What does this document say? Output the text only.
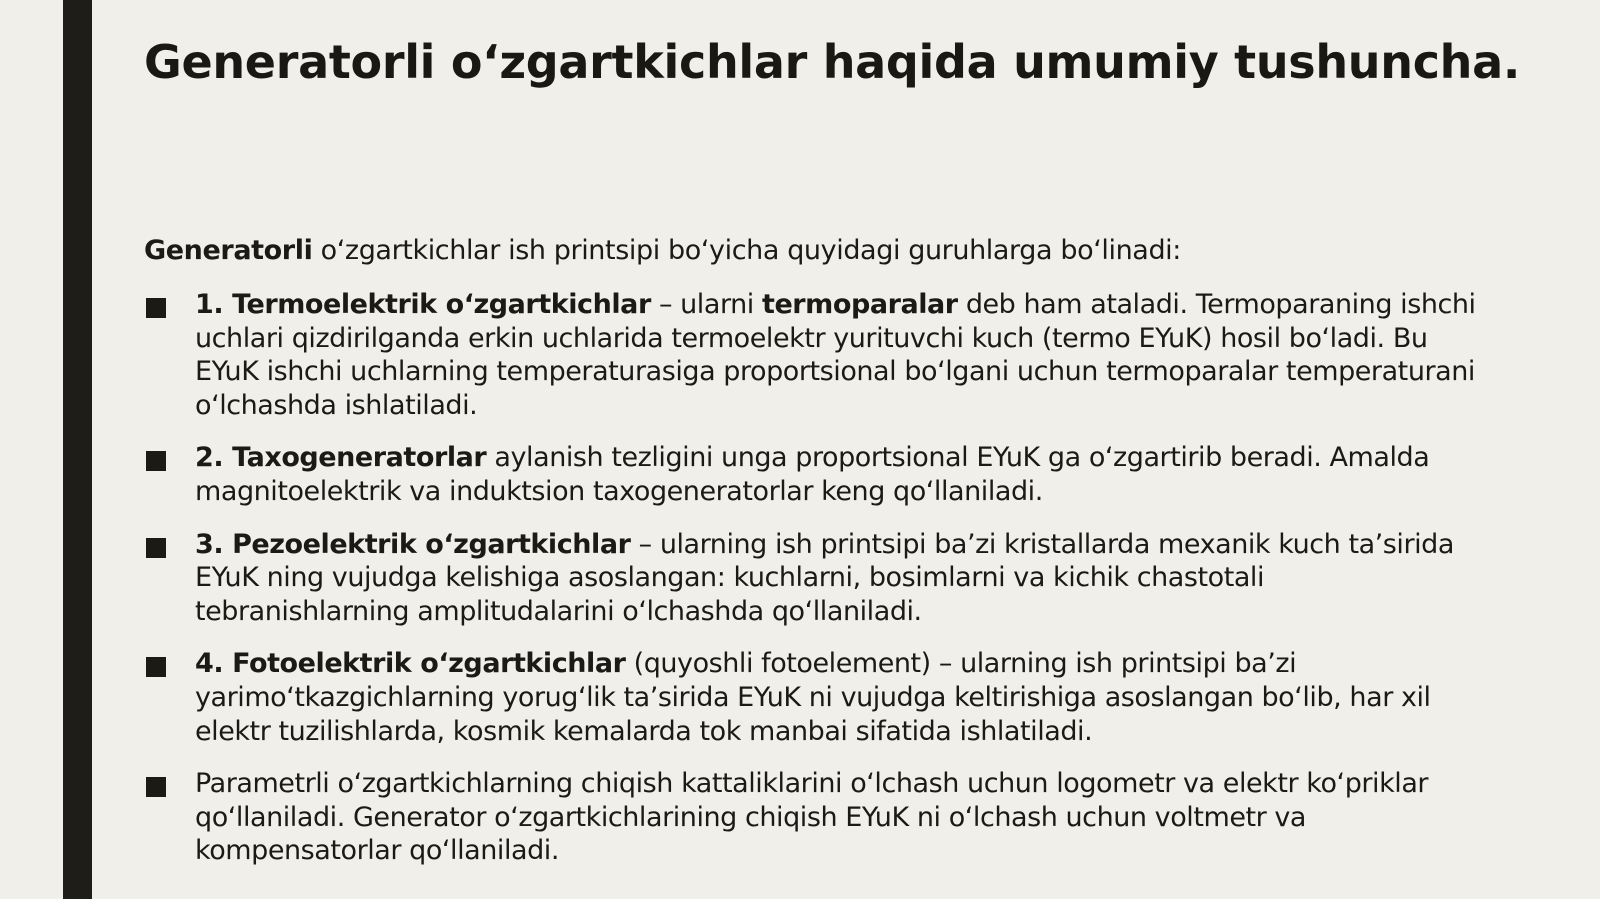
Generatorli o‘zgartkichlar haqida umumiy tushuncha.

Generatorli o‘zgartkichlar ish printsipi bo‘yicha quyidagi guruhlarga bo‘linadi:

1. Termoelektrik o‘zgartkichlar – ularni termoparalar deb ham ataladi. Termoparaning ishchi uchlari qizdirilganda erkin uchlarida termoelektr yurituvchi kuch (termo EYuK) hosil bo‘ladi. Bu EYuK ishchi uchlarning temperaturasiga proportsional bo‘lgani uchun termoparalar temperaturani o‘lchashda ishlatiladi.
2. Taxogeneratorlar aylanish tezligini unga proportsional EYuK ga o‘zgartirib beradi. Amalda magnitoelektrik va induktsion taxogeneratorlar keng qo‘llaniladi.
3. Pezoelektrik o‘zgartkichlar – ularning ish printsipi ba’zi kristallarda mexanik kuch ta’sirida EYuK ning vujudga kelishiga asoslangan: kuchlarni, bosimlarni va kichik chastotali tebranishlarning amplitudalarini o‘lchashda qo‘llaniladi.
4. Fotoelektrik o‘zgartkichlar (quyoshli fotoelement) – ularning ish printsipi ba’zi yarimo‘tkazgichlarning yorug‘lik ta’sirida EYuK ni vujudga keltirishiga asoslangan bo‘lib, har xil elektr tuzilishlarda, kosmik kemalarda tok manbai sifatida ishlatiladi.
Parametrli o‘zgartkichlarning chiqish kattaliklarini o‘lchash uchun logometr va elektr ko‘priklar qo‘llaniladi. Generator o‘zgartkichlarining chiqish EYuK ni o‘lchash uchun voltmetr va kompensatorlar qo‘llaniladi.
